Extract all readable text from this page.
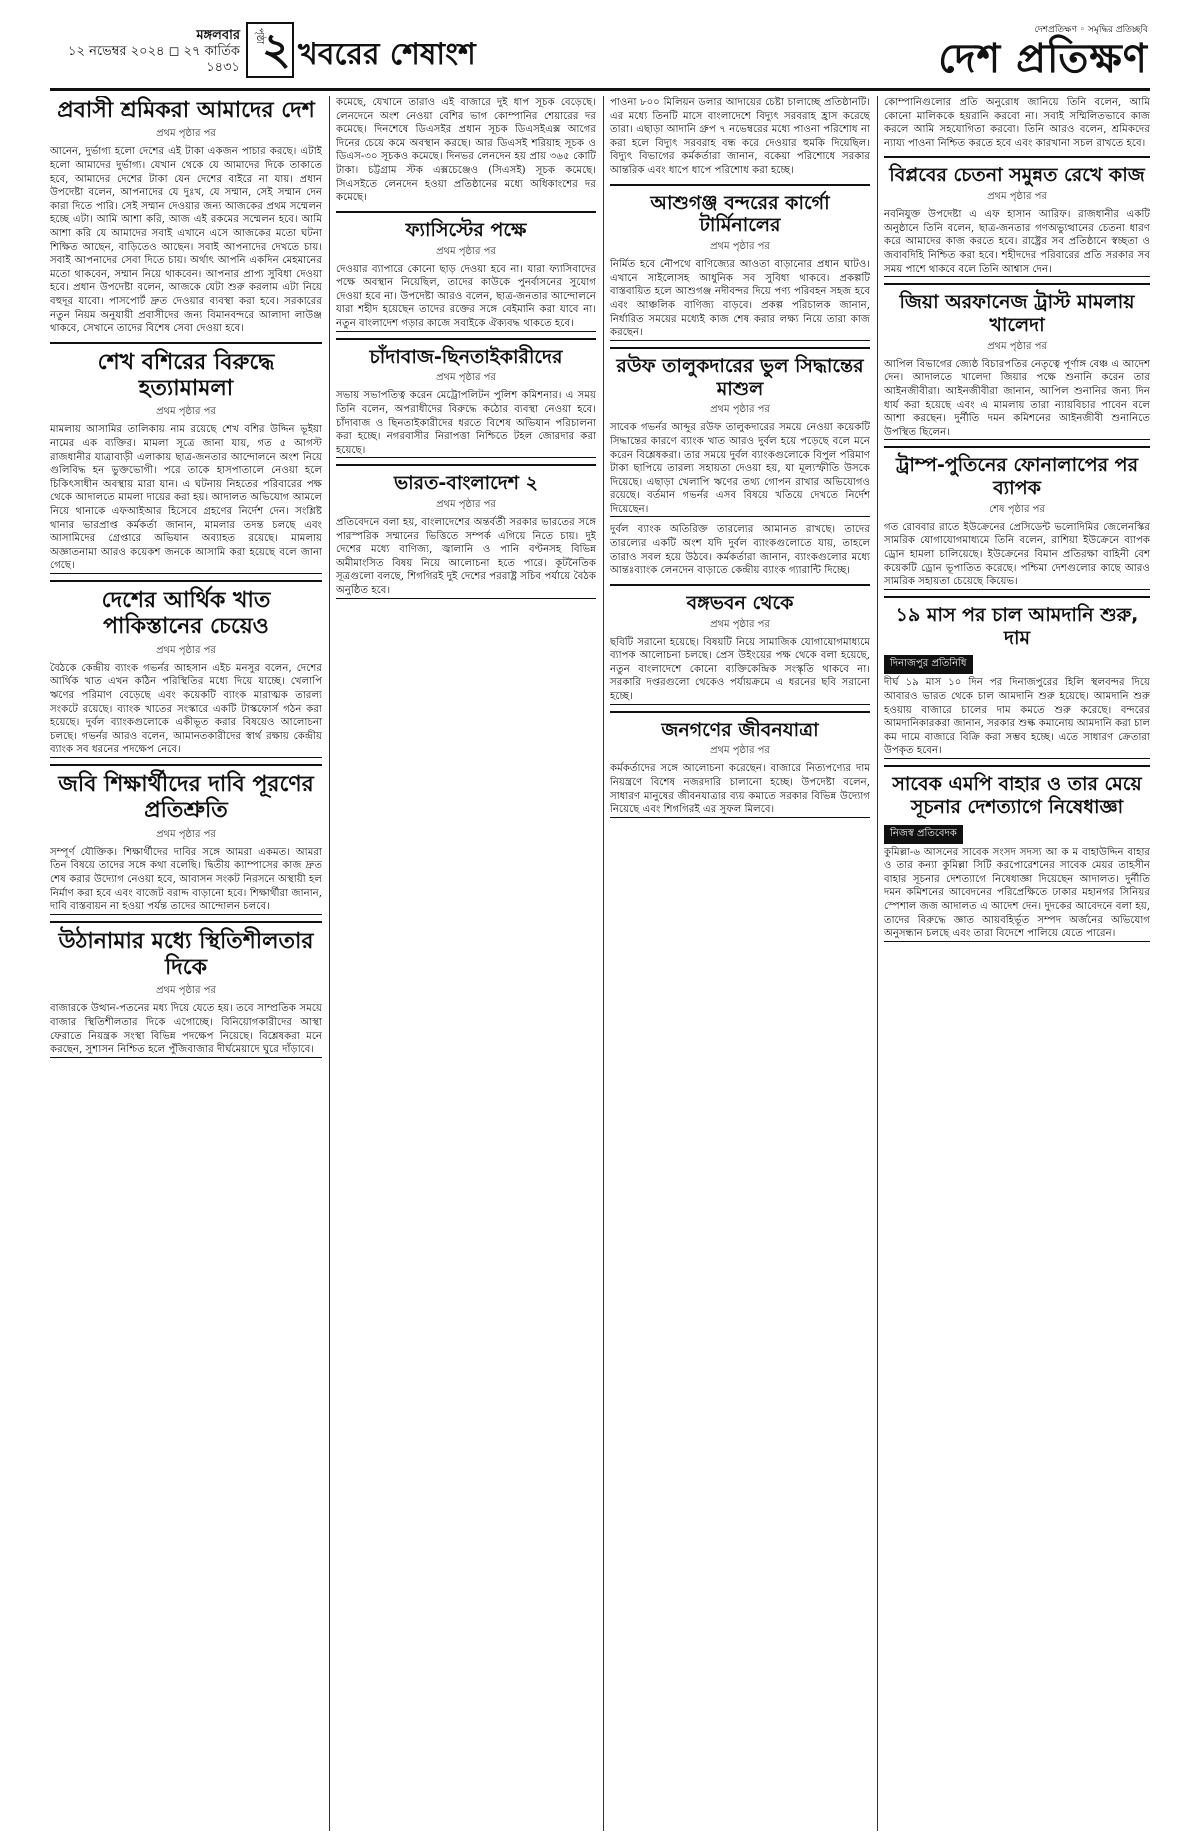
মঙ্গলবার
১২ নভেম্বর ২০২৪ ◻ ২৭ কার্তিক ১৪৩১
পৃষ্ঠা
২ খবরের শেষাংশ
দেশপ্রতিক্ষণ ◦ সমৃদ্ধির প্রতিচ্ছবি
দেশ প্রতিক্ষণ
প্রবাসী শ্রমিকরা আমাদের দেশ
প্রথম পৃষ্ঠার পর

আনেন, দুর্ভাগ্য হলো দেশের এই টাকা একজন পাচার করছে। এটাই হলো আমাদের দুর্ভাগ্য। যেখান থেকে যে আমাদের দিকে তাকাতে হবে, আমাদের দেশের টাকা যেন দেশের বাইরে না যায়। প্রধান উপদেষ্টা বলেন, আপনাদের যে দুঃখ, যে সম্মান, সেই সম্মান দেন কারা দিতে পারি। সেই সম্মান দেওয়ার জন্য আজকের প্রথম সম্মেলন হচ্ছে এটা। আমি আশা করি, আজ এই রকমের সম্মেলন হবে। আমি আশা করি যে আমাদের সবাই এখানে এসে আজকের মতো ঘটনা শিক্ষিত আছেন, বাড়িতেও আছেন। সবাই আপনাদের দেখতে চায়। সবাই আপনাদের সেবা দিতে চায়। অর্থাৎ আপনি একদিন মেহমানের মতো থাকবেন, সম্মান নিয়ে থাকবেন। আপনার প্রাপ্য সুবিধা দেওয়া হবে। প্রধান উপদেষ্টা বলেন, আজকে যেটা শুরু করলাম এটা নিয়ে বহুদূর যাবো। পাসপোর্ট দ্রুত দেওয়ার ব্যবস্থা করা হবে। সরকারের নতুন নিয়ম অনুযায়ী প্রবাসীদের জন্য বিমানবন্দরে আলাদা লাউঞ্জ থাকবে, সেখানে তাদের বিশেষ সেবা দেওয়া হবে।

শেখ বশিরের বিরুদ্ধে হত্যামামলা
প্রথম পৃষ্ঠার পর

মামলায় আসামির তালিকায় নাম রয়েছে শেখ বশির উদ্দিন ভূইয়া নামের এক ব্যক্তির। মামলা সূত্রে জানা যায়, গত ৫ আগস্ট রাজধানীর যাত্রাবাড়ী এলাকায় ছাত্র-জনতার আন্দোলনে অংশ নিয়ে গুলিবিদ্ধ হন ভুক্তভোগী। পরে তাকে হাসপাতালে নেওয়া হলে চিকিৎসাধীন অবস্থায় মারা যান। এ ঘটনায় নিহতের পরিবারের পক্ষ থেকে আদালতে মামলা দায়ের করা হয়। আদালত অভিযোগ আমলে নিয়ে থানাকে এফআইআর হিসেবে গ্রহণের নির্দেশ দেন। সংশ্লিষ্ট থানার ভারপ্রাপ্ত কর্মকর্তা জানান, মামলার তদন্ত চলছে এবং আসামিদের গ্রেপ্তারে অভিযান অব্যাহত রয়েছে। মামলায় অজ্ঞাতনামা আরও কয়েকশ জনকে আসামি করা হয়েছে বলে জানা গেছে।

দেশের আর্থিক খাত পাকিস্তানের চেয়েও
প্রথম পৃষ্ঠার পর

বৈঠকে কেন্দ্রীয় ব্যাংক গভর্নর আহসান এইচ মনসুর বলেন, দেশের আর্থিক খাত এখন কঠিন পরিস্থিতির মধ্যে দিয়ে যাচ্ছে। খেলাপি ঋণের পরিমাণ বেড়েছে এবং কয়েকটি ব্যাংক মারাত্মক তারল্য সংকটে রয়েছে। ব্যাংক খাতের সংস্কারে একটি টাস্কফোর্স গঠন করা হয়েছে। দুর্বল ব্যাংকগুলোকে একীভূত করার বিষয়েও আলোচনা চলছে। গভর্নর আরও বলেন, আমানতকারীদের স্বার্থ রক্ষায় কেন্দ্রীয় ব্যাংক সব ধরনের পদক্ষেপ নেবে।

জবি শিক্ষার্থীদের দাবি পূরণের প্রতিশ্রুতি
প্রথম পৃষ্ঠার পর

সম্পূর্ণ যৌক্তিক। শিক্ষার্থীদের দাবির সঙ্গে আমরা একমত। আমরা তিন বিষয়ে তাদের সঙ্গে কথা বলেছি। দ্বিতীয় ক্যাম্পাসের কাজ দ্রুত শেষ করার উদ্যোগ নেওয়া হবে, আবাসন সংকট নিরসনে অস্থায়ী হল নির্মাণ করা হবে এবং বাজেট বরাদ্দ বাড়ানো হবে। শিক্ষার্থীরা জানান, দাবি বাস্তবায়ন না হওয়া পর্যন্ত তাদের আন্দোলন চলবে।

উঠানামার মধ্যে স্থিতিশীলতার দিকে
প্রথম পৃষ্ঠার পর

বাজারকে উত্থান-পতনের মধ্য দিয়ে যেতে হয়। তবে সাম্প্রতিক সময়ে বাজার স্থিতিশীলতার দিকে এগোচ্ছে। বিনিয়োগকারীদের আস্থা ফেরাতে নিয়ন্ত্রক সংস্থা বিভিন্ন পদক্ষেপ নিয়েছে। বিশ্লেষকরা মনে করছেন, সুশাসন নিশ্চিত হলে পুঁজিবাজার দীর্ঘমেয়াদে ঘুরে দাঁড়াবে।

কমেছে, যেখানে তারাও এই বাজারে দুই ধাপ সূচক বেড়েছে। লেনদেনে অংশ নেওয়া বেশির ভাগ কোম্পানির শেয়ারের দর কমেছে। দিনশেষে ডিএসইর প্রধান সূচক ডিএসইএক্স আগের দিনের চেয়ে কমে অবস্থান করছে। আর ডিএসই শরিয়াহ সূচক ও ডিএস-৩০ সূচকও কমেছে। দিনভর লেনদেন হয় প্রায় ৩৬৫ কোটি টাকা। চট্টগ্রাম স্টক এক্সচেঞ্জেও (সিএসই) সূচক কমেছে। সিএসইতে লেনদেন হওয়া প্রতিষ্ঠানের মধ্যে অধিকাংশের দর কমেছে।

ফ্যাসিস্টের পক্ষে
প্রথম পৃষ্ঠার পর

দেওয়ার ব্যাপারে কোনো ছাড় দেওয়া হবে না। যারা ফ্যাসিবাদের পক্ষে অবস্থান নিয়েছিল, তাদের কাউকে পুনর্বাসনের সুযোগ দেওয়া হবে না। উপদেষ্টা আরও বলেন, ছাত্র-জনতার আন্দোলনে যারা শহীদ হয়েছেন তাদের রক্তের সঙ্গে বেইমানি করা যাবে না। নতুন বাংলাদেশ গড়ার কাজে সবাইকে ঐক্যবদ্ধ থাকতে হবে।

চাঁদাবাজ-ছিনতাইকারীদের
প্রথম পৃষ্ঠার পর

সভায় সভাপতিত্ব করেন মেট্রোপলিটন পুলিশ কমিশনার। এ সময় তিনি বলেন, অপরাধীদের বিরুদ্ধে কঠোর ব্যবস্থা নেওয়া হবে। চাঁদাবাজ ও ছিনতাইকারীদের ধরতে বিশেষ অভিযান পরিচালনা করা হচ্ছে। নগরবাসীর নিরাপত্তা নিশ্চিতে টহল জোরদার করা হয়েছে।

ভারত-বাংলাদেশ ২
প্রথম পৃষ্ঠার পর

প্রতিবেদনে বলা হয়, বাংলাদেশের অন্তর্বর্তী সরকার ভারতের সঙ্গে পারস্পরিক সম্মানের ভিত্তিতে সম্পর্ক এগিয়ে নিতে চায়। দুই দেশের মধ্যে বাণিজ্য, জ্বালানি ও পানি বণ্টনসহ বিভিন্ন অমীমাংসিত বিষয় নিয়ে আলোচনা হতে পারে। কূটনৈতিক সূত্রগুলো বলছে, শিগগিরই দুই দেশের পররাষ্ট্র সচিব পর্যায়ে বৈঠক অনুষ্ঠিত হবে।

পাওনা ৮০০ মিলিয়ন ডলার আদায়ের চেষ্টা চালাচ্ছে প্রতিষ্ঠানটি। এর মধ্যে তিনটি মাসে বাংলাদেশে বিদ্যুৎ সরবরাহ হ্রাস করেছে তারা। এছাড়া আদানি গ্রুপ ৭ নভেম্বরের মধ্যে পাওনা পরিশোধ না করা হলে বিদ্যুৎ সরবরাহ বন্ধ করে দেওয়ার হুমকি দিয়েছিল। বিদ্যুৎ বিভাগের কর্মকর্তারা জানান, বকেয়া পরিশোধে সরকার আন্তরিক এবং ধাপে ধাপে পরিশোধ করা হচ্ছে।

আশুগঞ্জ বন্দরের কার্গো টার্মিনালের
প্রথম পৃষ্ঠার পর

নির্মিত হবে নৌপথে বাণিজ্যের আওতা বাড়ানোর প্রধান ঘাটও। এখানে সাইলোসহ আধুনিক সব সুবিধা থাকবে। প্রকল্পটি বাস্তবায়িত হলে আশুগঞ্জ নদীবন্দর দিয়ে পণ্য পরিবহন সহজ হবে এবং আঞ্চলিক বাণিজ্য বাড়বে। প্রকল্প পরিচালক জানান, নির্ধারিত সময়ের মধ্যেই কাজ শেষ করার লক্ষ্য নিয়ে তারা কাজ করছেন।

রউফ তালুকদারের ভুল সিদ্ধান্তের মাশুল
প্রথম পৃষ্ঠার পর

সাবেক গভর্নর আব্দুর রউফ তালুকদারের সময়ে নেওয়া কয়েকটি সিদ্ধান্তের কারণে ব্যাংক খাত আরও দুর্বল হয়ে পড়েছে বলে মনে করেন বিশ্লেষকরা। তার সময়ে দুর্বল ব্যাংকগুলোকে বিপুল পরিমাণ টাকা ছাপিয়ে তারল্য সহায়তা দেওয়া হয়, যা মূল্যস্ফীতি উসকে দিয়েছে। এছাড়া খেলাপি ঋণের তথ্য গোপন রাখার অভিযোগও রয়েছে। বর্তমান গভর্নর এসব বিষয়ে খতিয়ে দেখতে নির্দেশ দিয়েছেন।

দুর্বল ব্যাংক অতিরিক্ত তারল্যের আমানত রাখছে। তাদের তারল্যের একটি অংশ যদি দুর্বল ব্যাংকগুলোতে যায়, তাহলে তারাও সবল হয়ে উঠবে। কর্মকর্তারা জানান, ব্যাংকগুলোর মধ্যে আন্তঃব্যাংক লেনদেন বাড়াতে কেন্দ্রীয় ব্যাংক গ্যারান্টি দিচ্ছে।

বঙ্গভবন থেকে
প্রথম পৃষ্ঠার পর

ছবিটি সরানো হয়েছে। বিষয়টি নিয়ে সামাজিক যোগাযোগমাধ্যমে ব্যাপক আলোচনা চলছে। প্রেস উইংয়ের পক্ষ থেকে বলা হয়েছে, নতুন বাংলাদেশে কোনো ব্যক্তিকেন্দ্রিক সংস্কৃতি থাকবে না। সরকারি দপ্তরগুলো থেকেও পর্যায়ক্রমে এ ধরনের ছবি সরানো হচ্ছে।

জনগণের জীবনযাত্রা
প্রথম পৃষ্ঠার পর

কর্মকর্তাদের সঙ্গে আলোচনা করেছেন। বাজারে নিত্যপণ্যের দাম নিয়ন্ত্রণে বিশেষ নজরদারি চালানো হচ্ছে। উপদেষ্টা বলেন, সাধারণ মানুষের জীবনযাত্রার ব্যয় কমাতে সরকার বিভিন্ন উদ্যোগ নিয়েছে এবং শিগগিরই এর সুফল মিলবে।

কোম্পানিগুলোর প্রতি অনুরোধ জানিয়ে তিনি বলেন, আমি কোনো মালিককে হয়রানি করবো না। সবাই সম্মিলিতভাবে কাজ করলে আমি সহযোগিতা করবো। তিনি আরও বলেন, শ্রমিকদের ন্যায্য পাওনা নিশ্চিত করতে হবে এবং কারখানা সচল রাখতে হবে।

বিপ্লবের চেতনা সমুন্নত রেখে কাজ
প্রথম পৃষ্ঠার পর

নবনিযুক্ত উপদেষ্টা এ এফ হাসান আরিফ। রাজধানীর একটি অনুষ্ঠানে তিনি বলেন, ছাত্র-জনতার গণঅভ্যুত্থানের চেতনা ধারণ করে আমাদের কাজ করতে হবে। রাষ্ট্রের সব প্রতিষ্ঠানে স্বচ্ছতা ও জবাবদিহি নিশ্চিত করা হবে। শহীদদের পরিবারের প্রতি সরকার সব সময় পাশে থাকবে বলে তিনি আশ্বাস দেন।

জিয়া অরফানেজ ট্রাস্ট মামলায় খালেদা
প্রথম পৃষ্ঠার পর

আপিল বিভাগের জ্যেষ্ঠ বিচারপতির নেতৃত্বে পূর্ণাঙ্গ বেঞ্চ এ আদেশ দেন। আদালতে খালেদা জিয়ার পক্ষে শুনানি করেন তার আইনজীবীরা। আইনজীবীরা জানান, আপিল শুনানির জন্য দিন ধার্য করা হয়েছে এবং এ মামলায় তারা ন্যায়বিচার পাবেন বলে আশা করছেন। দুর্নীতি দমন কমিশনের আইনজীবী শুনানিতে উপস্থিত ছিলেন।

ট্রাম্প-পুতিনের ফোনালাপের পর ব্যাপক
শেষ পৃষ্ঠার পর

গত রোববার রাতে ইউক্রেনের প্রেসিডেন্ট ভলোদিমির জেলেনস্কির সামরিক যোগাযোগমাধ্যমে তিনি বলেন, রাশিয়া ইউক্রেনে ব্যাপক ড্রোন হামলা চালিয়েছে। ইউক্রেনের বিমান প্রতিরক্ষা বাহিনী বেশ কয়েকটি ড্রোন ভূপাতিত করেছে। পশ্চিমা দেশগুলোর কাছে আরও সামরিক সহায়তা চেয়েছে কিয়েভ।

১৯ মাস পর চাল আমদানি শুরু, দাম
দিনাজপুর প্রতিনিধি

দীর্ঘ ১৯ মাস ১০ দিন পর দিনাজপুরের হিলি স্থলবন্দর দিয়ে আবারও ভারত থেকে চাল আমদানি শুরু হয়েছে। আমদানি শুরু হওয়ায় বাজারে চালের দাম কমতে শুরু করেছে। বন্দরের আমদানিকারকরা জানান, সরকার শুল্ক কমানোয় আমদানি করা চাল কম দামে বাজারে বিক্রি করা সম্ভব হচ্ছে। এতে সাধারণ ক্রেতারা উপকৃত হবেন।

সাবেক এমপি বাহার ও তার মেয়ে সূচনার দেশত্যাগে নিষেধাজ্ঞা
নিজস্ব প্রতিবেদক

কুমিল্লা-৬ আসনের সাবেক সংসদ সদস্য আ ক ম বাহাউদ্দিন বাহার ও তার কন্যা কুমিল্লা সিটি করপোরেশনের সাবেক মেয়র তাহসীন বাহার সূচনার দেশত্যাগে নিষেধাজ্ঞা দিয়েছেন আদালত। দুর্নীতি দমন কমিশনের আবেদনের পরিপ্রেক্ষিতে ঢাকার মহানগর সিনিয়র স্পেশাল জজ আদালত এ আদেশ দেন। দুদকের আবেদনে বলা হয়, তাদের বিরুদ্ধে জ্ঞাত আয়বহির্ভূত সম্পদ অর্জনের অভিযোগ অনুসন্ধান চলছে এবং তারা বিদেশে পালিয়ে যেতে পারেন।
